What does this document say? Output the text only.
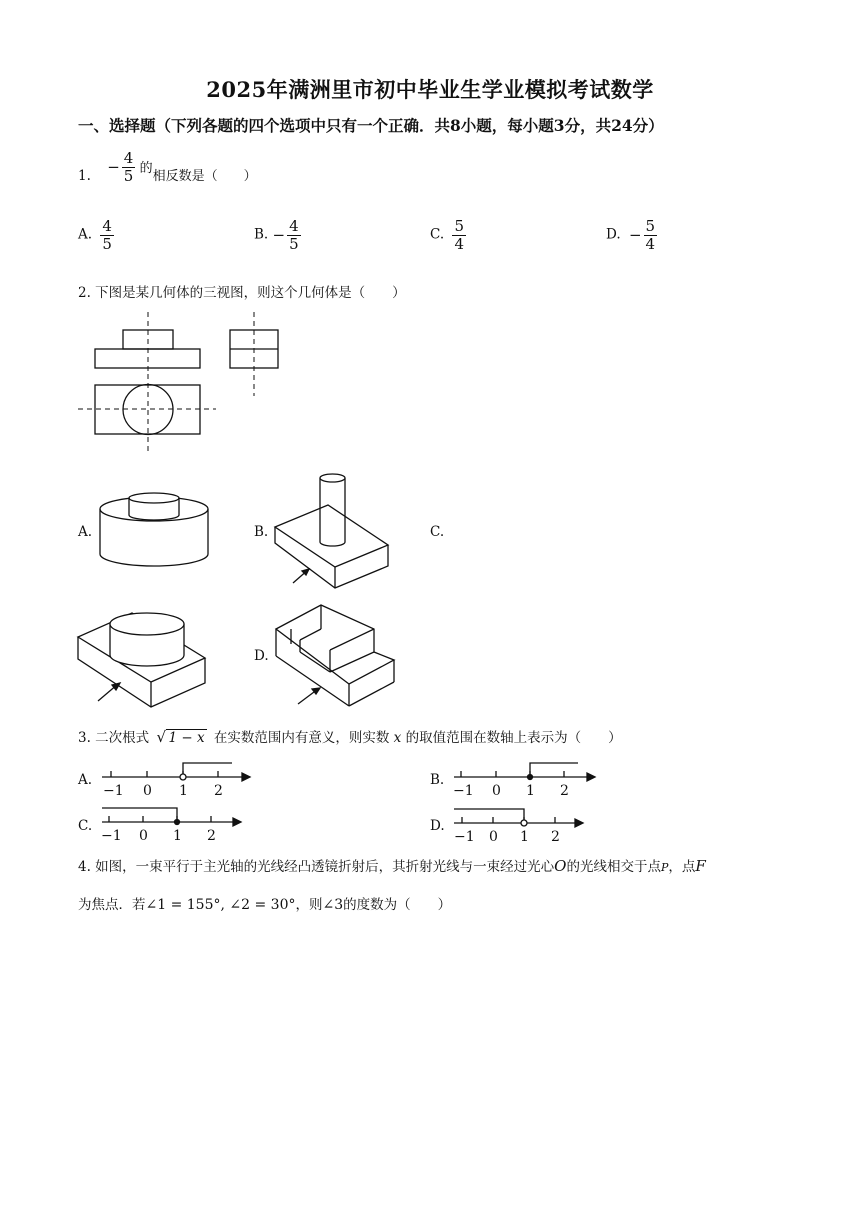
2025年满洲里市初中毕业生学业模拟考试数学
一、选择题（下列各题的四个选项中只有一个正确．共8小题，每小题3分，共24分）
1. − $\frac{4}{5}$ 的相反数是（　　）
A. $\frac{4}{5}$	B. − $\frac{4}{5}$	C. $\frac{5}{4}$	D. − $\frac{5}{4}$
2. 下图是某几何体的三视图，则这个几何体是（　　）
A.	B.	C.
D.
3. 二次根式 √ 1 − x 在实数范围内有意义，则实数 x 的取值范围在数轴上表示为（　　）
A.	B.
C.	D.
−1 0 1 2	−1 0 1 2
−1 0 1 2	−1 0 1 2
4. 如图，一束平行于主光轴的光线经凸透镜折射后，其折射光线与一束经过光心O的光线相交于点P，点F
为焦点．若∠1 = 155°, ∠2 = 30°，则∠3的度数为（　　）
